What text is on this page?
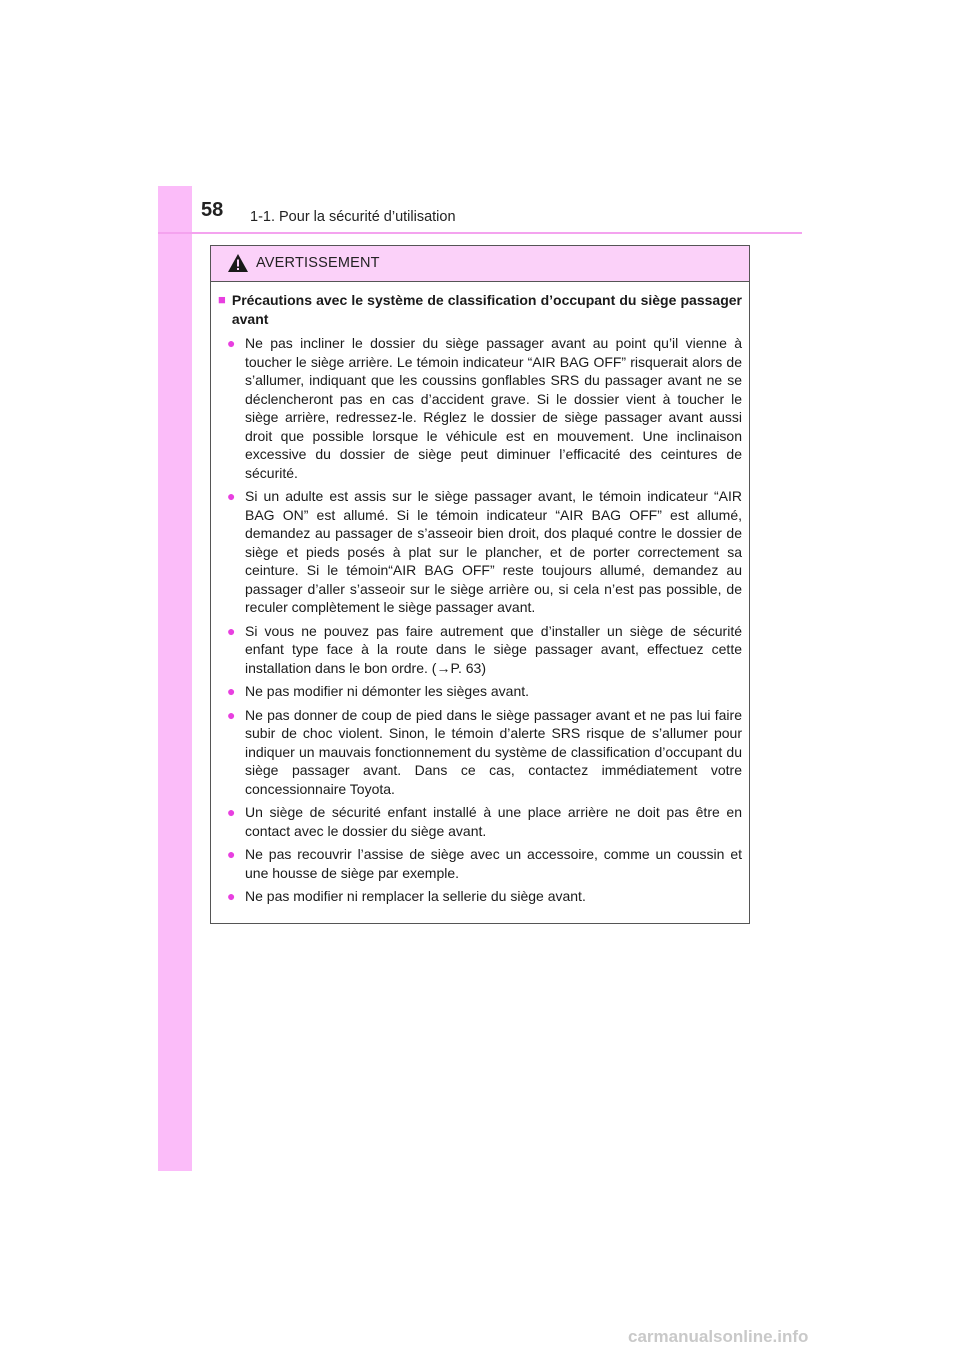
58 1-1. Pour la sécurité d’utilisation
AVERTISSEMENT
■ Précautions avec le système de classification d’occupant du siège passager avant
● Ne pas incliner le dossier du siège passager avant au point qu’il vienne à toucher le siège arrière. Le témoin indicateur “AIR BAG OFF” risquerait alors de s’allumer, indiquant que les coussins gonflables SRS du passager avant ne se déclencheront pas en cas d’accident grave. Si le dossier vient à toucher le siège arrière, redressez-le. Réglez le dossier de siège passager avant aussi droit que possible lorsque le véhicule est en mouvement. Une inclinaison excessive du dossier de siège peut diminuer l’efficacité des ceintures de sécurité.
● Si un adulte est assis sur le siège passager avant, le témoin indicateur “AIR BAG ON” est allumé. Si le témoin indicateur “AIR BAG OFF” est allumé, demandez au passager de s’asseoir bien droit, dos plaqué contre le dossier de siège et pieds posés à plat sur le plancher, et de porter correctement sa ceinture. Si le témoin“AIR BAG OFF” reste toujours allumé, demandez au passager d’aller s’asseoir sur le siège arrière ou, si cela n’est pas possible, de reculer complètement le siège passager avant.
● Si vous ne pouvez pas faire autrement que d’installer un siège de sécurité enfant type face à la route dans le siège passager avant, effectuez cette installation dans le bon ordre. (→P. 63)
● Ne pas modifier ni démonter les sièges avant.
● Ne pas donner de coup de pied dans le siège passager avant et ne pas lui faire subir de choc violent. Sinon, le témoin d’alerte SRS risque de s’allumer pour indiquer un mauvais fonctionnement du système de classification d’occupant du siège passager avant. Dans ce cas, contactez immédiatement votre concessionnaire Toyota.
● Un siège de sécurité enfant installé à une place arrière ne doit pas être en contact avec le dossier du siège avant.
● Ne pas recouvrir l’assise de siège avec un accessoire, comme un coussin et une housse de siège par exemple.
● Ne pas modifier ni remplacer la sellerie du siège avant.
carmanualsonline.info
